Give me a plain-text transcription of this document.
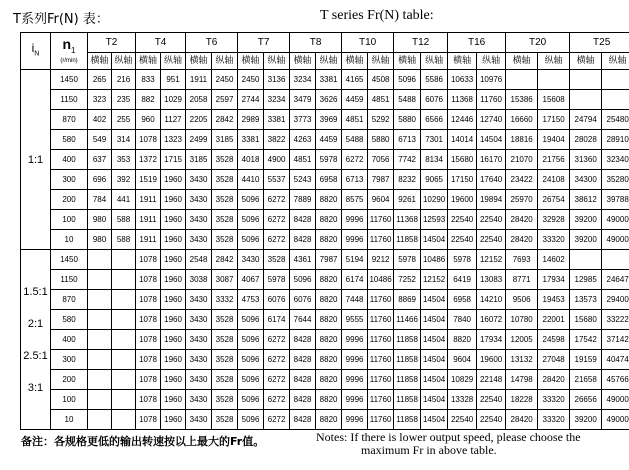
T系列Fr(N) 表：	T series Fr(N) table:
$i_N$	$n_1$
(r/min)	T2		T4		T6		T7		T8		T10		T12		T16		T20		T25	
		横轴	纵轴	横轴	纵轴	横轴	纵轴	横轴	纵轴	横轴	纵轴	横轴	纵轴	横轴	纵轴	横轴	纵轴	横轴	纵轴	横轴	纵轴

1:1	1450	265	216	833	951	1911	2450	2450	3136	3234	3381	4165	4508	5096	5586	10633	10976				
	1150	323	235	882	1029	2058	2597	2744	3234	3479	3626	4459	4851	5488	6076	11368	11760	15386	15608		
	870	402	255	960	1127	2205	2842	2989	3381	3773	3969	4851	5292	5880	6566	12446	12740	16660	17150	24794	25480
	580	549	314	1078	1323	2499	3185	3381	3822	4263	4459	5488	5880	6713	7301	14014	14504	18816	19404	28028	28910
	400	637	353	1372	1715	3185	3528	4018	4900	4851	5978	6272	7056	7742	8134	15680	16170	21070	21756	31360	32340
	300	696	392	1519	1960	3430	3528	4410	5537	5243	6958	6713	7987	8232	9065	17150	17640	23422	24108	34300	35280
	200	784	441	1911	1960	3430	3528	5096	6272	7889	8820	8575	9604	9261	10290	19600	19894	25970	26754	38612	39788
	100	980	588	1911	1960	3430	3528	5096	6272	8428	8820	9996	11760	11368	12593	22540	22540	28420	32928	39200	49000
	10	980	588	1911	1960	3430	3528	5096	6272	8428	8820	9996	11760	11858	14504	22540	22540	28420	33320	39200	49000

1.5:1
2:1
2.5:1
3:1	1450			1078	1960	2548	2842	3430	3528	4361	7987	5194	9212	5978	10486	5978	12152	7693	14602		
	1150			1078	1960	3038	3087	4067	5978	5096	8820	6174	10486	7252	12152	6419	13083	8771	17934	12985	24647
	870			1078	1960	3430	3332	4753	6076	6076	8820	7448	11760	8869	14504	6958	14210	9506	19453	13573	29400
	580			1078	1960	3430	3528	5096	6174	7644	8820	9555	11760	11466	14504	7840	16072	10780	22001	15680	33222
	400			1078	1960	3430	3528	5096	6272	8428	8820	9996	11760	11858	14504	8820	17934	12005	24598	17542	37142
	300			1078	1960	3430	3528	5096	6272	8428	8820	9996	11760	11858	14504	9604	19600	13132	27048	19159	40474
	200			1078	1960	3430	3528	5096	6272	8428	8820	9996	11760	11858	14504	10829	22148	14798	28420	21658	45766
	100			1078	1960	3430	3528	5096	6272	8428	8820	9996	11760	11858	14504	13328	22540	18228	33320	26656	49000
	10			1078	1960	3430	3528	5096	6272	8428	8820	9996	11760	11858	14504	22540	22540	28420	33320	39200	49000
备注：各规格更低的输出转速按以上最大的Fr值。	Notes: If there is lower output speed, please choose the
maximum Fr in above table.
